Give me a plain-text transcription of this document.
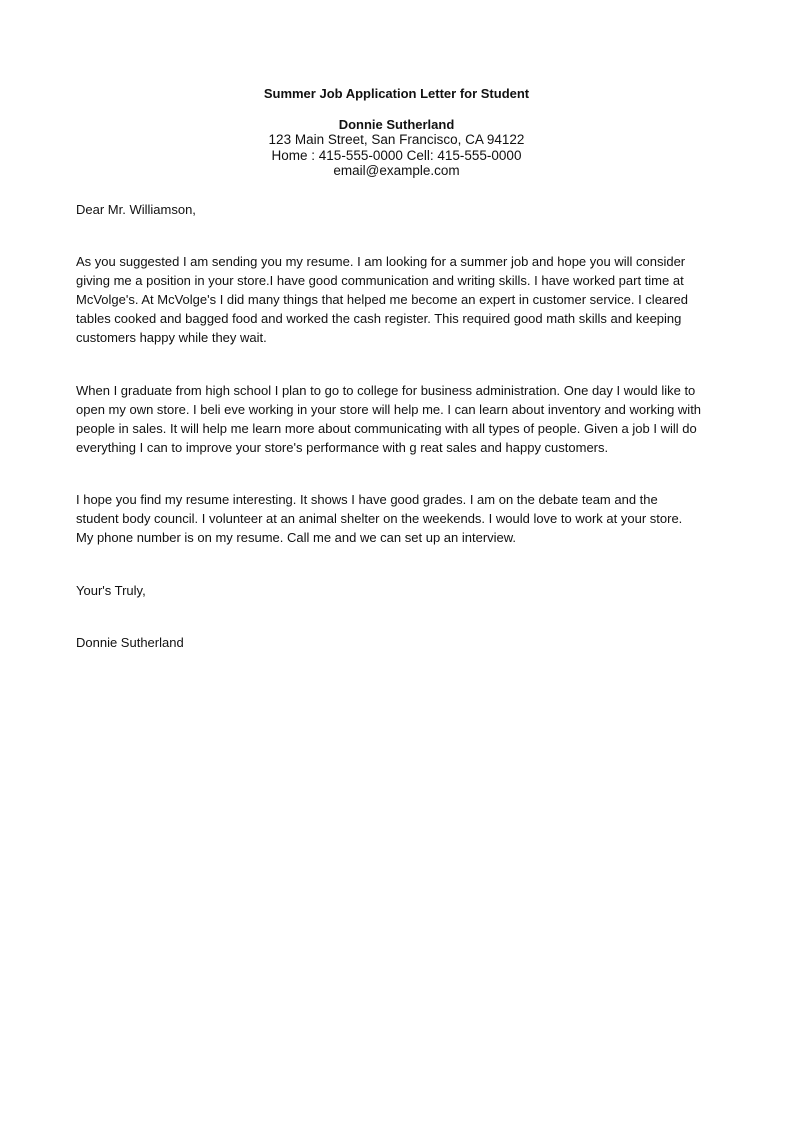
Summer Job Application Letter for Student
Donnie Sutherland
123 Main Street, San Francisco, CA 94122
Home : 415-555-0000 Cell: 415-555-0000
email@example.com
Dear Mr. Williamson,
As you suggested I am sending you my resume. I am looking for a summer job and hope you will consider
giving me a position in your store.I have good communication and writing skills. I have worked part time at
McVolge's. At McVolge's I did many things that helped me become an expert in customer service. I cleared
tables cooked and bagged food and worked the cash register. This required good math skills and keeping
customers happy while they wait.
When I graduate from high school I plan to go to college for business administration. One day I would like to
open my own store. I beli eve working in your store will help me. I can learn about inventory and working with
people in sales. It will help me learn more about communicating with all types of people. Given a job I will do
everything I can to improve your store's performance with g reat sales and happy customers.
I hope you find my resume interesting. It shows I have good grades. I am on the debate team and the
student body council. I volunteer at an animal shelter on the weekends. I would love to work at your store.
My phone number is on my resume. Call me and we can set up an interview.
Your's Truly,
Donnie Sutherland
